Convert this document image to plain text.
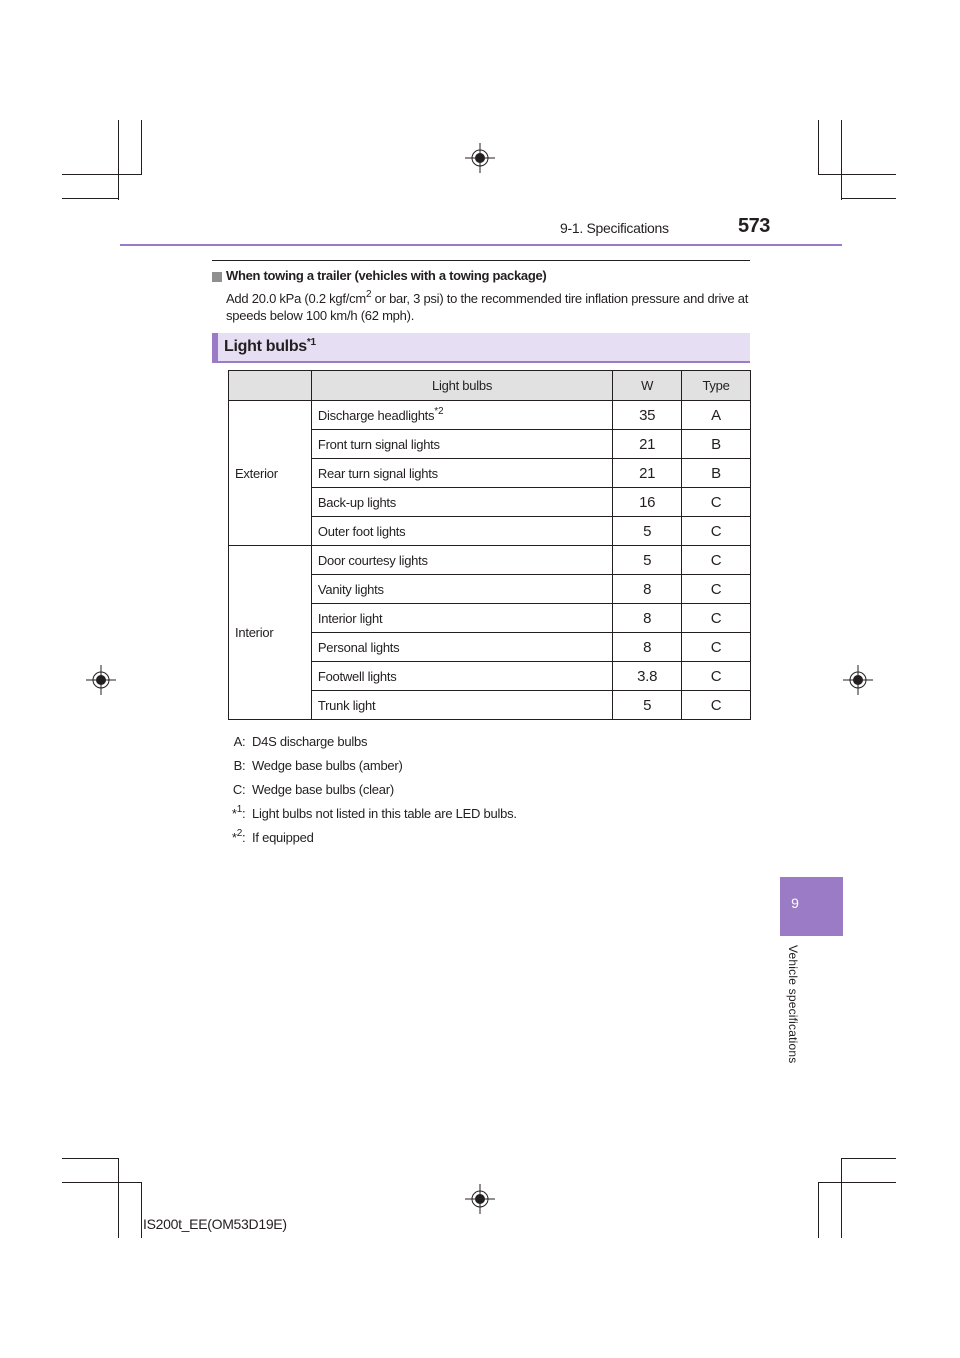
9-1. Specifications	573
When towing a trailer (vehicles with a towing package)
Add 20.0 kPa (0.2 kgf/$cm^2$ or bar, 3 psi) to the recommended tire inflation pressure and drive at speeds below 100 km/h (62 mph).
Light bulbs$^{*1}$
	Light bulbs	W	Type
Exterior	Discharge headlights$^{*2}$	35	A
	Front turn signal lights	21	B
	Rear turn signal lights	21	B
	Back-up lights	16	C
	Outer foot lights	5	C
Interior	Door courtesy lights	5	C
	Vanity lights	8	C
	Interior light	8	C
	Personal lights	8	C
	Footwell lights	3.8	C
	Trunk light	5	C
A : D4S discharge bulbs
B : Wedge base bulbs (amber)
C : Wedge base bulbs (clear)
*$^1$ : Light bulbs not listed in this table are LED bulbs.
*$^2$ : If equipped
9
Vehicle specifications
IS200t_EE(OM53D19E)
